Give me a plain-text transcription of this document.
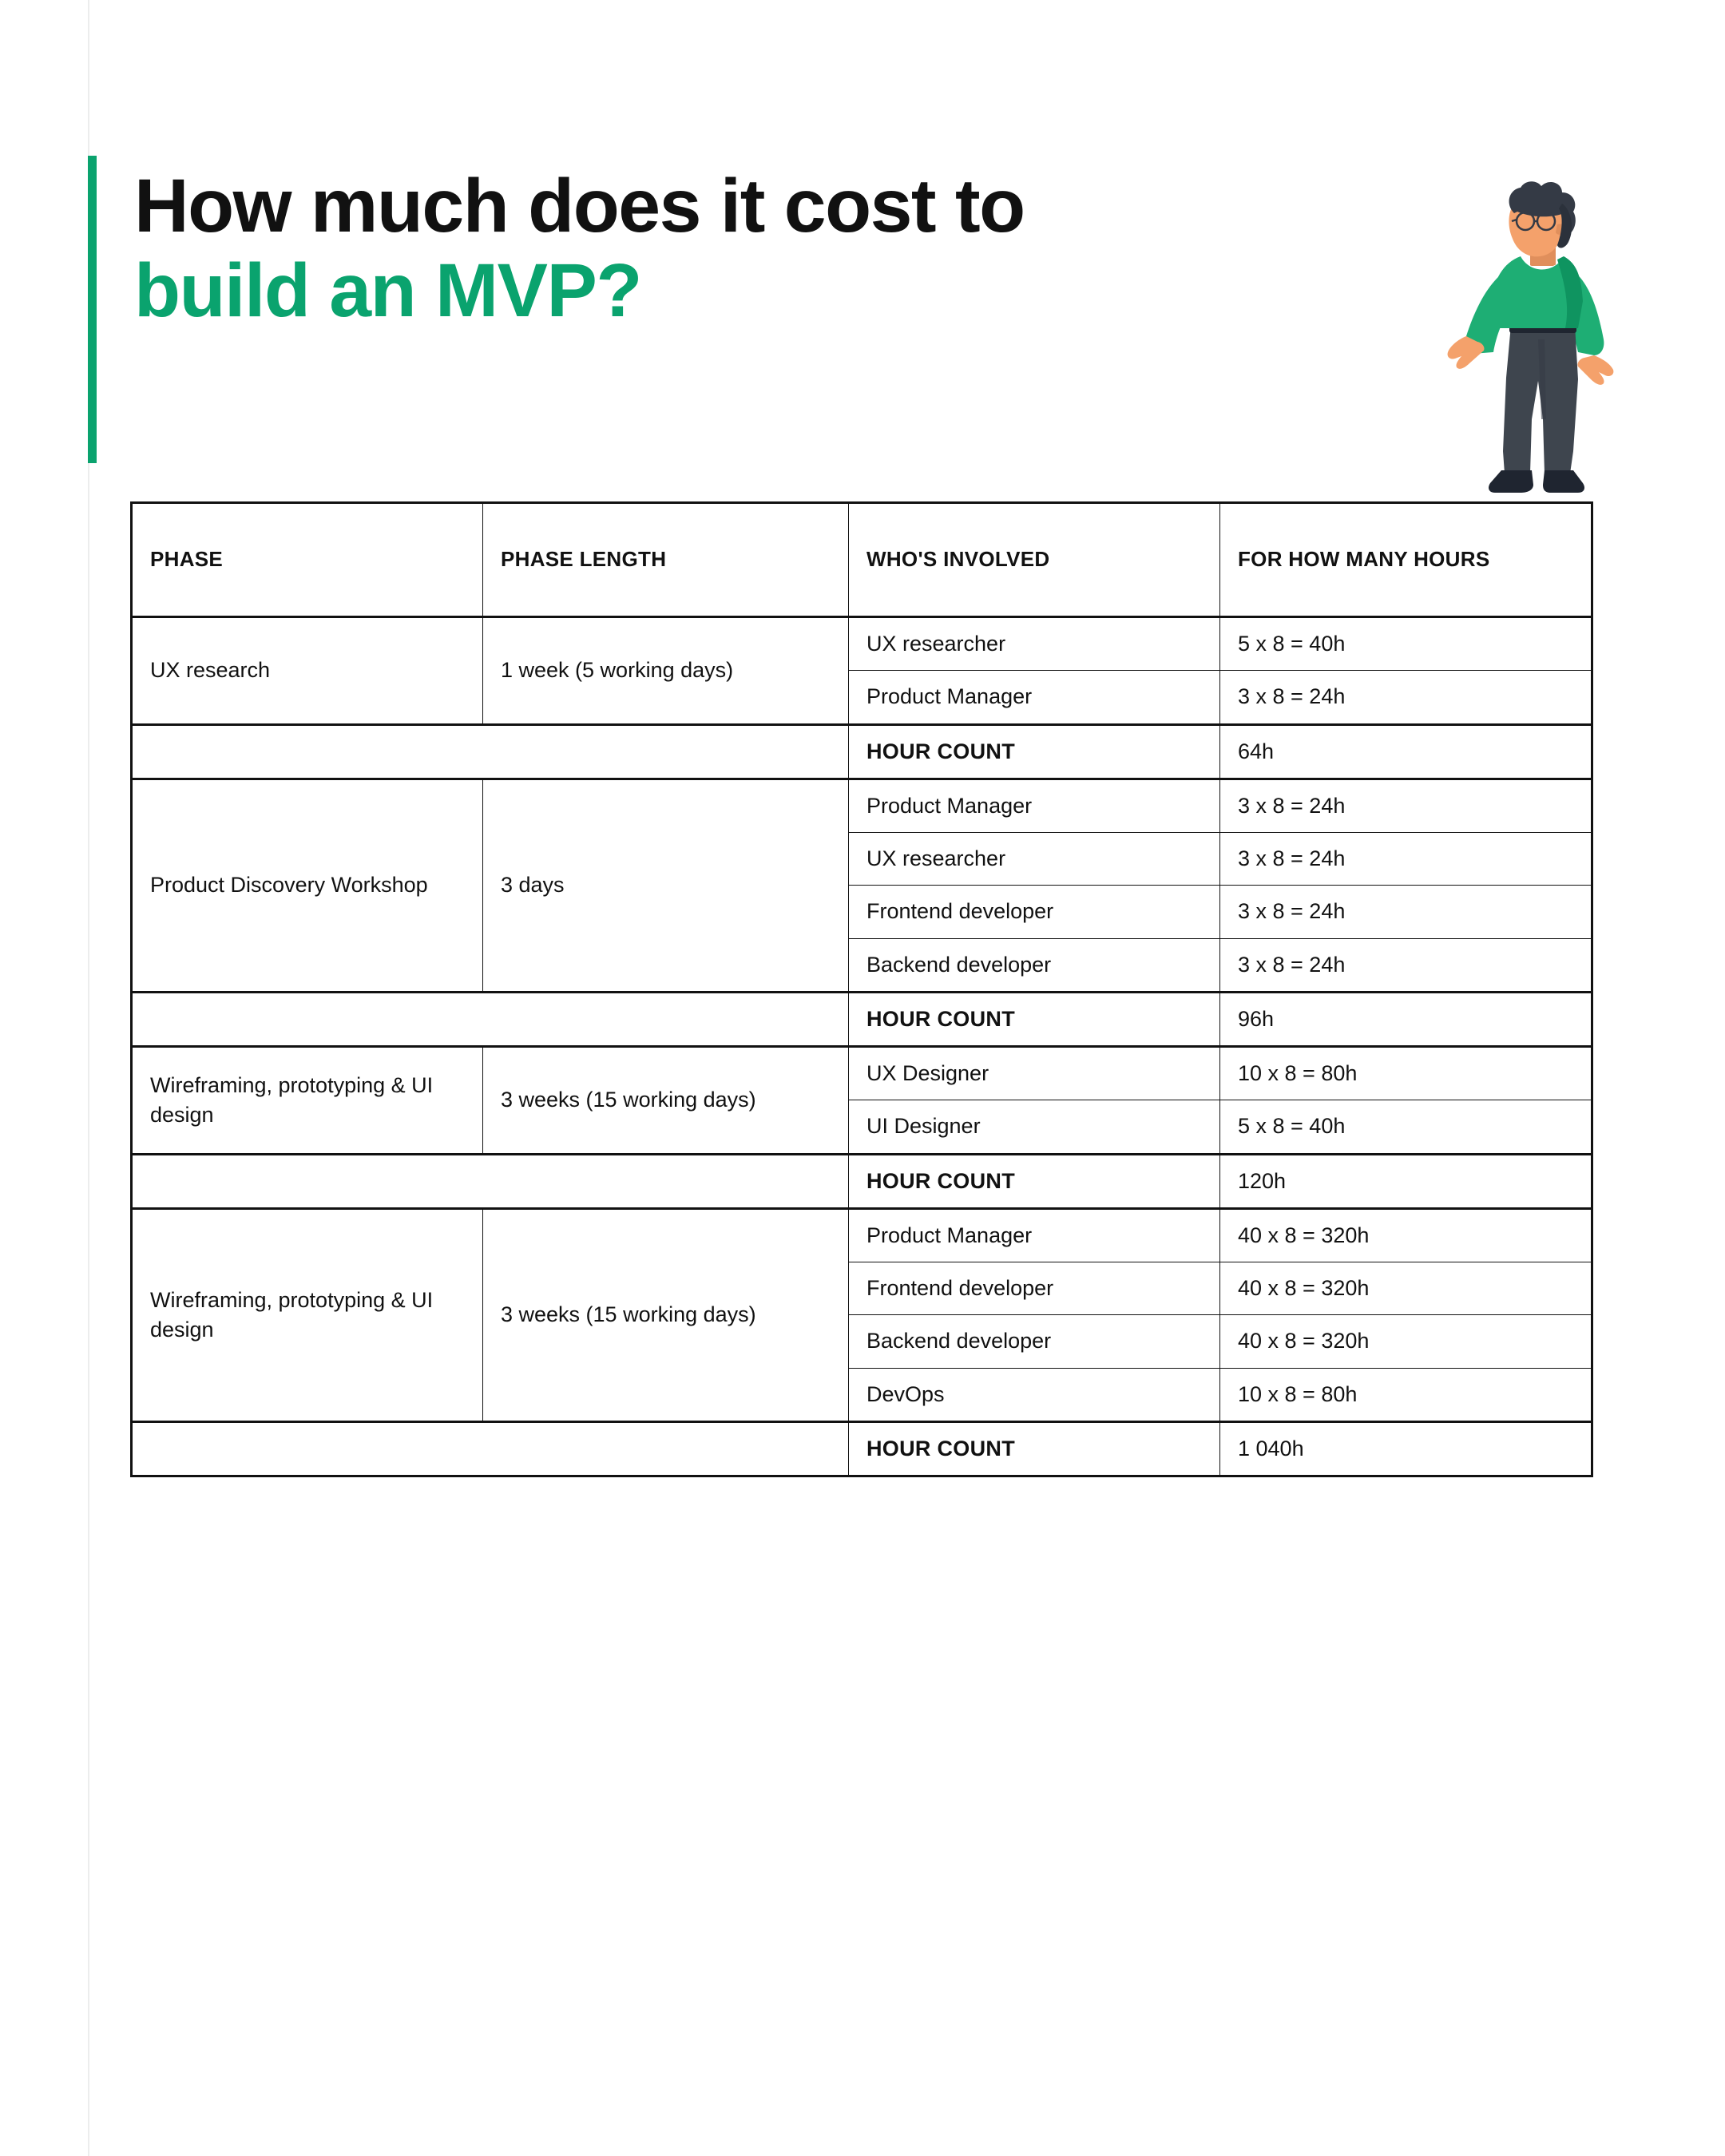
How much does it cost to
build an MVP?
PHASE	PHASE LENGTH	WHO'S INVOLVED	FOR HOW MANY HOURS
UX research	1 week (5 working days)	UX researcher	5 x 8 = 40h
		Product Manager	3 x 8 = 24h
		HOUR COUNT	64h
Product Discovery Workshop	3 days	Product Manager	3 x 8 = 24h
		UX researcher	3 x 8 = 24h
		Frontend developer	3 x 8 = 24h
		Backend developer	3 x 8 = 24h
		HOUR COUNT	96h
Wireframing, prototyping & UI design	3 weeks (15 working days)	UX Designer	10 x 8 = 80h
		UI Designer	5 x 8 = 40h
		HOUR COUNT	120h
Wireframing, prototyping & UI design	3 weeks (15 working days)	Product Manager	40 x 8 = 320h
		Frontend developer	40 x 8 = 320h
		Backend developer	40 x 8 = 320h
		DevOps	10 x 8 = 80h
		HOUR COUNT	1 040h
